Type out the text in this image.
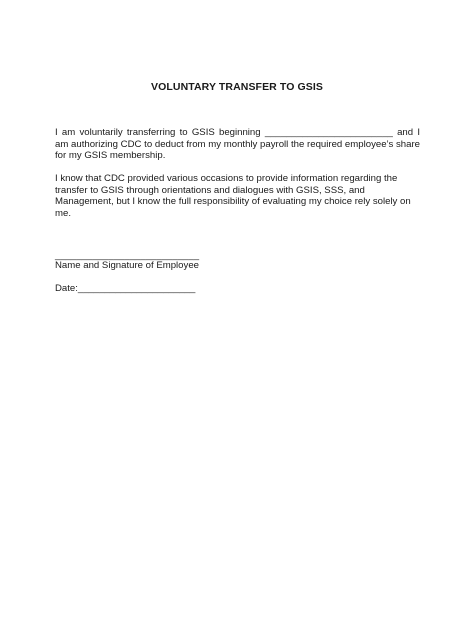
VOLUNTARY TRANSFER TO GSIS
I am voluntarily transferring to GSIS beginning ________________________ and I am authorizing CDC to deduct from my monthly payroll the required employee’s share for my GSIS membership.
I know that CDC provided various occasions to provide information regarding the transfer to GSIS through orientations and dialogues with GSIS, SSS, and Management, but I know the full responsibility of evaluating my choice rely solely on me.
___________________________
Name and Signature of Employee
Date:______________________
